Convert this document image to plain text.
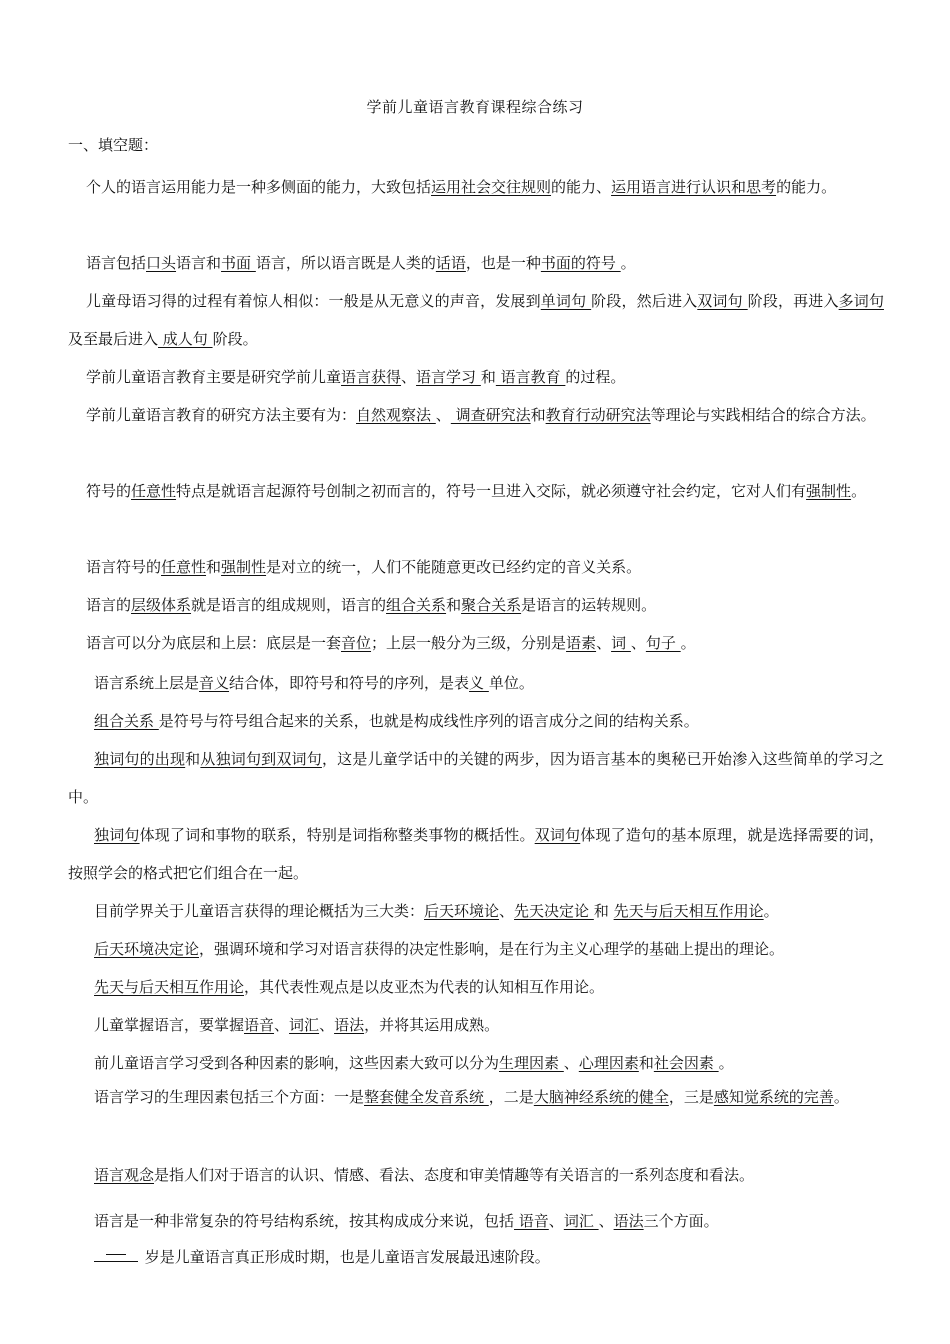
学前儿童语言教育课程综合练习
一、填空题：
个人的语言运用能力是一种多侧面的能力，大致包括运用社会交往规则的能力、运用语言进行认识和思考的能力。
语言包括口头语言和书面 语言，所以语言既是人类的话语，也是一种书面的符号 。
儿童母语习得的过程有着惊人相似：一般是从无意义的声音，发展到单词句 阶段，然后进入双词句 阶段，再进入多词句 及至最后进入 成人句 阶段。
学前儿童语言教育主要是研究学前儿童语言获得、语言学习 和 语言教育 的过程。
学前儿童语言教育的研究方法主要有为：自然观察法 、 调查研究法和教育行动研究法等理论与实践相结合的综合方法。
符号的任意性特点是就语言起源符号创制之初而言的，符号一旦进入交际，就必须遵守社会约定，它对人们有强制性。
语言符号的任意性和强制性是对立的统一，人们不能随意更改已经约定的音义关系。
语言的层级体系就是语言的组成规则，语言的组合关系和聚合关系是语言的运转规则。
语言可以分为底层和上层：底层是一套音位；上层一般分为三级，分别是语素、词 、句子 。
语言系统上层是音义结合体，即符号和符号的序列，是表义 单位。
组合关系 是符号与符号组合起来的关系，也就是构成线性序列的语言成分之间的结构关系。
独词句的出现和从独词句到双词句，这是儿童学话中的关键的两步，因为语言基本的奥秘已开始渗入这些简单的学习之中。
独词句体现了词和事物的联系，特别是词指称整类事物的概括性。双词句体现了造句的基本原理，就是选择需要的词，按照学会的格式把它们组合在一起。
目前学界关于儿童语言获得的理论概括为三大类：后天环境论、先天决定论 和 先天与后天相互作用论。
后天环境决定论，强调环境和学习对语言获得的决定性影响，是在行为主义心理学的基础上提出的理论。
先天与后天相互作用论，其代表性观点是以皮亚杰为代表的认知相互作用论。
儿童掌握语言，要掌握语音、词汇、语法，并将其运用成熟。
前儿童语言学习受到各种因素的影响，这些因素大致可以分为生理因素 、心理因素和社会因素 。
语言学习的生理因素包括三个方面：一是整套健全发音系统 ，二是大脑神经系统的健全，三是感知觉系统的完善。
语言观念是指人们对于语言的认识、情感、看法、态度和审美情趣等有关语言的一系列态度和看法。
语言是一种非常复杂的符号结构系统，按其构成成分来说，包括 语音、词汇 、语法三个方面。
岁是儿童语言真正形成时期，也是儿童语言发展最迅速阶段。
